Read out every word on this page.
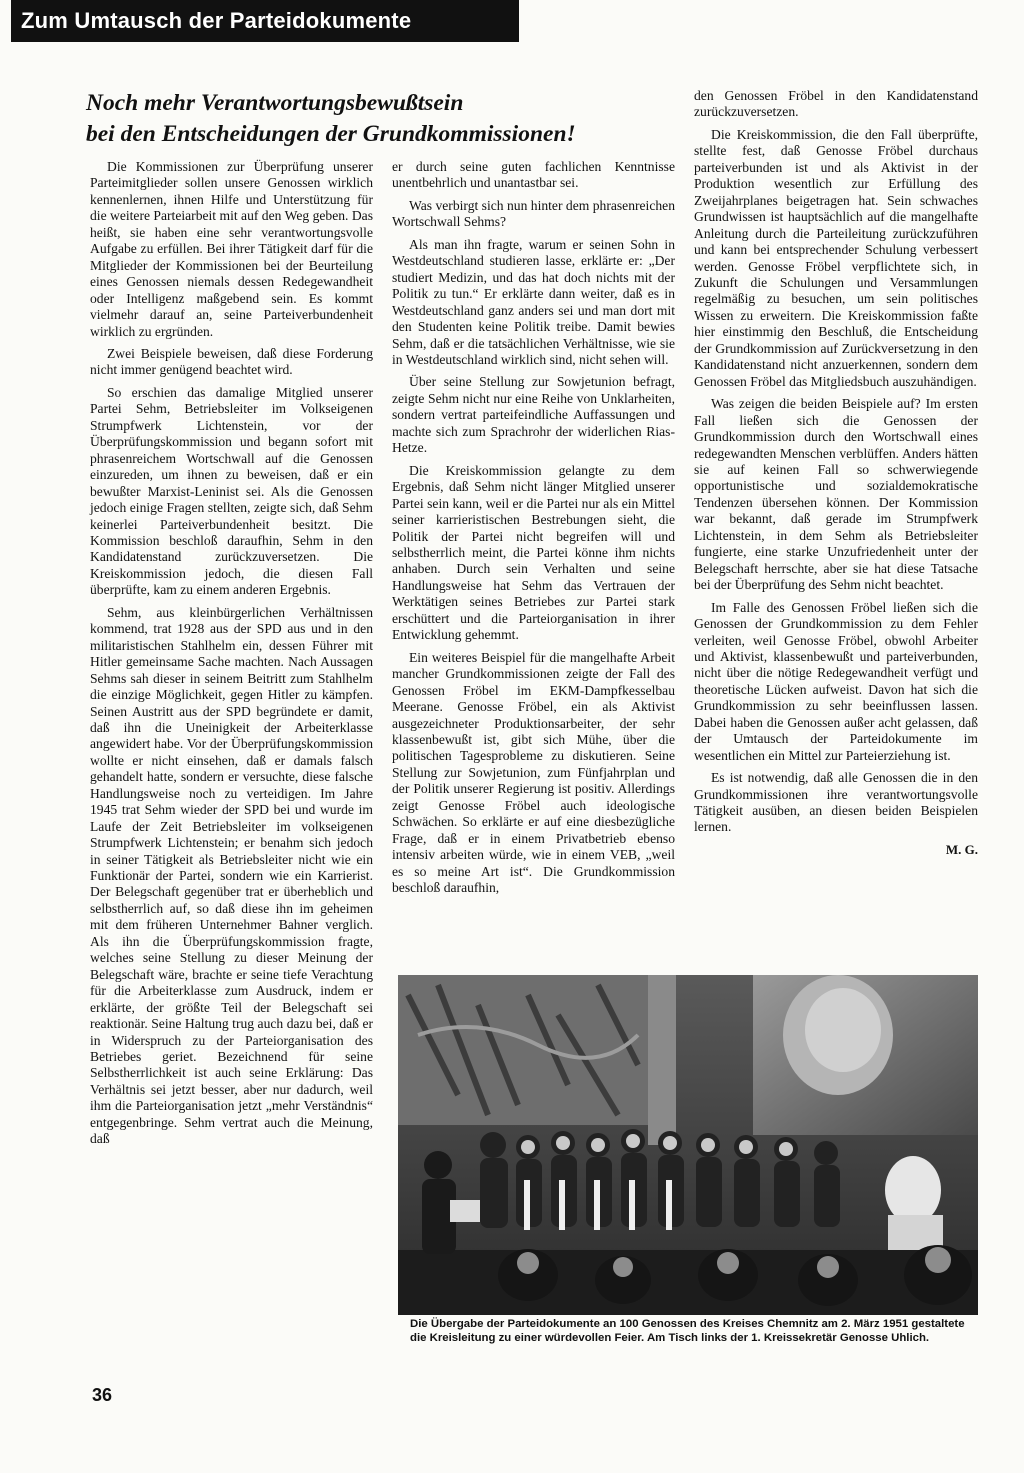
Zum Umtausch der Parteidokumente
Noch mehr Verantwortungsbewußtsein
bei den Entscheidungen der Grundkommissionen!

Die Kommissionen zur Überprüfung unserer Parteimitglieder sollen unsere Genossen wirklich kennenlernen, ihnen Hilfe und Unterstützung für die weitere Parteiarbeit mit auf den Weg geben. Das heißt, sie haben eine sehr verantwortungsvolle Aufgabe zu erfüllen. Bei ihrer Tätigkeit darf für die Mitglieder der Kommissionen bei der Beurteilung eines Genossen niemals dessen Redegewandheit oder Intelligenz maßgebend sein. Es kommt vielmehr darauf an, seine Parteiverbundenheit wirklich zu ergründen.

Zwei Beispiele beweisen, daß diese Forderung nicht immer genügend beachtet wird.

So erschien das damalige Mitglied unserer Partei Sehm, Betriebsleiter im Volkseigenen Strumpfwerk Lichtenstein, vor der Überprüfungskommission und begann sofort mit phrasenreichem Wortschwall auf die Genossen einzureden, um ihnen zu beweisen, daß er ein bewußter Marxist-Leninist sei. Als die Genossen jedoch einige Fragen stellten, zeigte sich, daß Sehm keinerlei Parteiverbundenheit besitzt. Die Kommission beschloß daraufhin, Sehm in den Kandidatenstand zurückzuversetzen. Die Kreiskommission jedoch, die diesen Fall überprüfte, kam zu einem anderen Ergebnis.

Sehm, aus kleinbürgerlichen Verhältnissen kommend, trat 1928 aus der SPD aus und in den militaristischen Stahlhelm ein, dessen Führer mit Hitler gemeinsame Sache machten. Nach Aussagen Sehms sah dieser in seinem Beitritt zum Stahlhelm die einzige Möglichkeit, gegen Hitler zu kämpfen. Seinen Austritt aus der SPD begründete er damit, daß ihn die Uneinigkeit der Arbeiterklasse angewidert habe. Vor der Überprüfungskommission wollte er nicht einsehen, daß er damals falsch gehandelt hatte, sondern er versuchte, diese falsche Handlungsweise noch zu verteidigen. Im Jahre 1945 trat Sehm wieder der SPD bei und wurde im Laufe der Zeit Betriebsleiter im volkseigenen Strumpfwerk Lichtenstein; er benahm sich jedoch in seiner Tätigkeit als Betriebsleiter nicht wie ein Funktionär der Partei, sondern wie ein Karrierist. Der Belegschaft gegenüber trat er überheblich und selbstherrlich auf, so daß diese ihn im geheimen mit dem früheren Unternehmer Bahner verglich. Als ihn die Überprüfungskommission fragte, welches seine Stellung zu dieser Meinung der Belegschaft wäre, brachte er seine tiefe Verachtung für die Arbeiterklasse zum Ausdruck, indem er erklärte, der größte Teil der Belegschaft sei reaktionär. Seine Haltung trug auch dazu bei, daß er in Widerspruch zu der Parteiorganisation des Betriebes geriet. Bezeichnend für seine Selbstherrlichkeit ist auch seine Erklärung: Das Verhältnis sei jetzt besser, aber nur dadurch, weil ihm die Parteiorganisation jetzt „mehr Verständnis“ entgegenbringe. Sehm vertrat auch die Meinung, daß

er durch seine guten fachlichen Kenntnisse unentbehrlich und unantastbar sei.

Was verbirgt sich nun hinter dem phrasenreichen Wortschwall Sehms?

Als man ihn fragte, warum er seinen Sohn in Westdeutschland studieren lasse, erklärte er: „Der studiert Medizin, und das hat doch nichts mit der Politik zu tun.“ Er erklärte dann weiter, daß es in Westdeutschland ganz anders sei und man dort mit den Studenten keine Politik treibe. Damit bewies Sehm, daß er die tatsächlichen Verhältnisse, wie sie in Westdeutschland wirklich sind, nicht sehen will.

Über seine Stellung zur Sowjetunion befragt, zeigte Sehm nicht nur eine Reihe von Unklarheiten, sondern vertrat parteifeindliche Auffassungen und machte sich zum Sprachrohr der widerlichen Rias-Hetze.

Die Kreiskommission gelangte zu dem Ergebnis, daß Sehm nicht länger Mitglied unserer Partei sein kann, weil er die Partei nur als ein Mittel seiner karrieristischen Bestrebungen sieht, die Politik der Partei nicht begreifen will und selbstherrlich meint, die Partei könne ihm nichts anhaben. Durch sein Verhalten und seine Handlungsweise hat Sehm das Vertrauen der Werktätigen seines Betriebes zur Partei stark erschüttert und die Parteiorganisation in ihrer Entwicklung gehemmt.

Ein weiteres Beispiel für die mangelhafte Arbeit mancher Grundkommissionen zeigte der Fall des Genossen Fröbel im EKM-Dampfkesselbau Meerane. Genosse Fröbel, ein als Aktivist ausgezeichneter Produktionsarbeiter, der sehr klassenbewußt ist, gibt sich Mühe, über die politischen Tagesprobleme zu diskutieren. Seine Stellung zur Sowjetunion, zum Fünfjahrplan und der Politik unserer Regierung ist positiv. Allerdings zeigt Genosse Fröbel auch ideologische Schwächen. So erklärte er auf eine diesbezügliche Frage, daß er in einem Privatbetrieb ebenso intensiv arbeiten würde, wie in einem VEB, „weil es so meine Art ist“. Die Grundkommission beschloß daraufhin,

den Genossen Fröbel in den Kandidatenstand zurückzuversetzen.

Die Kreiskommission, die den Fall überprüfte, stellte fest, daß Genosse Fröbel durchaus parteiverbunden ist und als Aktivist in der Produktion wesentlich zur Erfüllung des Zweijahrplanes beigetragen hat. Sein schwaches Grundwissen ist hauptsächlich auf die mangelhafte Anleitung durch die Parteileitung zurückzuführen und kann bei entsprechender Schulung verbessert werden. Genosse Fröbel verpflichtete sich, in Zukunft die Schulungen und Versammlungen regelmäßig zu besuchen, um sein politisches Wissen zu erweitern. Die Kreiskommission faßte hier einstimmig den Beschluß, die Entscheidung der Grundkommission auf Zurückversetzung in den Kandidatenstand nicht anzuerkennen, sondern dem Genossen Fröbel das Mitgliedsbuch auszuhändigen.

Was zeigen die beiden Beispiele auf? Im ersten Fall ließen sich die Genossen der Grundkommission durch den Wortschwall eines redegewandten Menschen verblüffen. Anders hätten sie auf keinen Fall so schwerwiegende opportunistische und sozialdemokratische Tendenzen übersehen können. Der Kommission war bekannt, daß gerade im Strumpfwerk Lichtenstein, in dem Sehm als Betriebsleiter fungierte, eine starke Unzufriedenheit unter der Belegschaft herrschte, aber sie hat diese Tatsache bei der Überprüfung des Sehm nicht beachtet.

Im Falle des Genossen Fröbel ließen sich die Genossen der Grundkommission zu dem Fehler verleiten, weil Genosse Fröbel, obwohl Arbeiter und Aktivist, klassenbewußt und parteiverbunden, nicht über die nötige Redegewandheit verfügt und theoretische Lücken aufweist. Davon hat sich die Grundkommission zu sehr beeinflussen lassen. Dabei haben die Genossen außer acht gelassen, daß der Umtausch der Parteidokumente im wesentlichen ein Mittel zur Parteierziehung ist.

Es ist notwendig, daß alle Genossen die in den Grundkommissionen ihre verantwortungsvolle Tätigkeit ausüben, an diesen beiden Beispielen lernen.

M. G.
Die Übergabe der Parteidokumente an 100 Genossen des Kreises Chemnitz am 2. März 1951 gestaltete die Kreisleitung zu einer würdevollen Feier. Am Tisch links der 1. Kreissekretär Genosse Uhlich.
36
